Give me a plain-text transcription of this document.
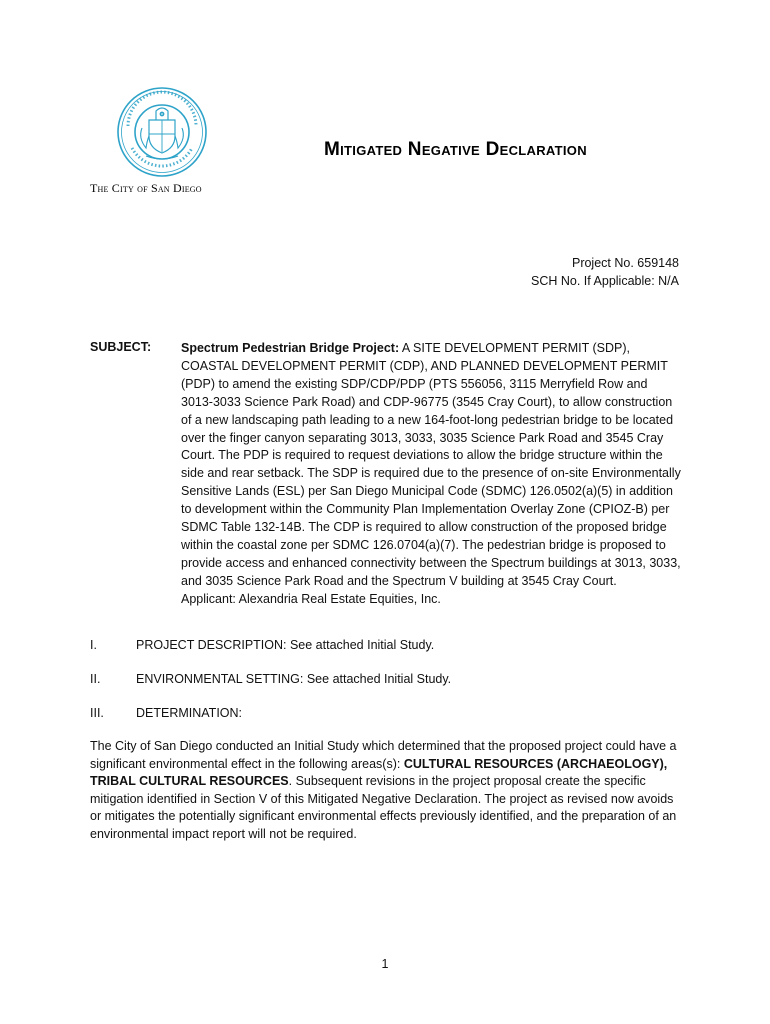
The City of San Diego
Mitigated Negative Declaration
Project No. 659148
SCH No. If Applicable: N/A
SUBJECT: Spectrum Pedestrian Bridge Project: A SITE DEVELOPMENT PERMIT (SDP), COASTAL DEVELOPMENT PERMIT (CDP), AND PLANNED DEVELOPMENT PERMIT (PDP) to amend the existing SDP/CDP/PDP (PTS 556056, 3115 Merryfield Row and 3013-3033 Science Park Road) and CDP-96775 (3545 Cray Court), to allow construction of a new landscaping path leading to a new 164-foot-long pedestrian bridge to be located over the finger canyon separating 3013, 3033, 3035 Science Park Road and 3545 Cray Court. The PDP is required to request deviations to allow the bridge structure within the side and rear setback. The SDP is required due to the presence of on-site Environmentally Sensitive Lands (ESL) per San Diego Municipal Code (SDMC) 126.0502(a)(5) in addition to development within the Community Plan Implementation Overlay Zone (CPIOZ-B) per SDMC Table 132-14B. The CDP is required to allow construction of the proposed bridge within the coastal zone per SDMC 126.0704(a)(7). The pedestrian bridge is proposed to provide access and enhanced connectivity between the Spectrum buildings at 3013, 3033, and 3035 Science Park Road and the Spectrum V building at 3545 Cray Court.
Applicant: Alexandria Real Estate Equities, Inc.
I.	PROJECT DESCRIPTION: See attached Initial Study.
II.	ENVIRONMENTAL SETTING: See attached Initial Study.
III.	DETERMINATION:
The City of San Diego conducted an Initial Study which determined that the proposed project could have a significant environmental effect in the following areas(s): CULTURAL RESOURCES (ARCHAEOLOGY), TRIBAL CULTURAL RESOURCES. Subsequent revisions in the project proposal create the specific mitigation identified in Section V of this Mitigated Negative Declaration. The project as revised now avoids or mitigates the potentially significant environmental effects previously identified, and the preparation of an environmental impact report will not be required.
1
